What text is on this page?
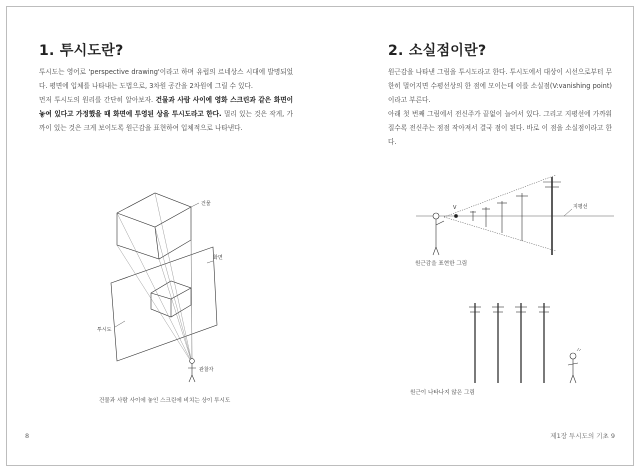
1. 투시도란?

투시도는 영어로 'perspective drawing'이라고 하며 유럽의 르네상스 시대에 발명되었다. 평면에 입체를 나타내는 도법으로, 3차원 공간을 2차원에 그릴 수 있다.

먼저 투시도의 원리를 간단히 알아보자. 건물과 사람 사이에 영화 스크린과 같은 화면이 놓여 있다고 가정했을 때 화면에 투영된 상을 투시도라고 한다. 멀리 있는 것은 작게, 가까이 있는 것은 크게 보이도록 원근감을 표현하여 입체적으로 나타낸다.

건물
화면
투시도
관찰자
건물과 사람 사이에 놓인 스크린에 비치는 상이 투시도
8
2. 소실점이란?

원근감을 나타낸 그림을 투시도라고 한다. 투시도에서 대상이 시선으로부터 무한히 멀어지면 수평선상의 한 점에 모이는데 이를 소실점(V:vanishing point)이라고 부른다.

아래 첫 번째 그림에서 전신주가 끝없이 늘어서 있다. 그리고 지평선에 가까워질수록 전신주는 점점 작아져서 결국 점이 된다. 바로 이 점을 소실점이라고 한다.

V	지평선
원근감을 표현한 그림
원근이 나타나지 않은 그림
제1장 투시도의 기초 9
